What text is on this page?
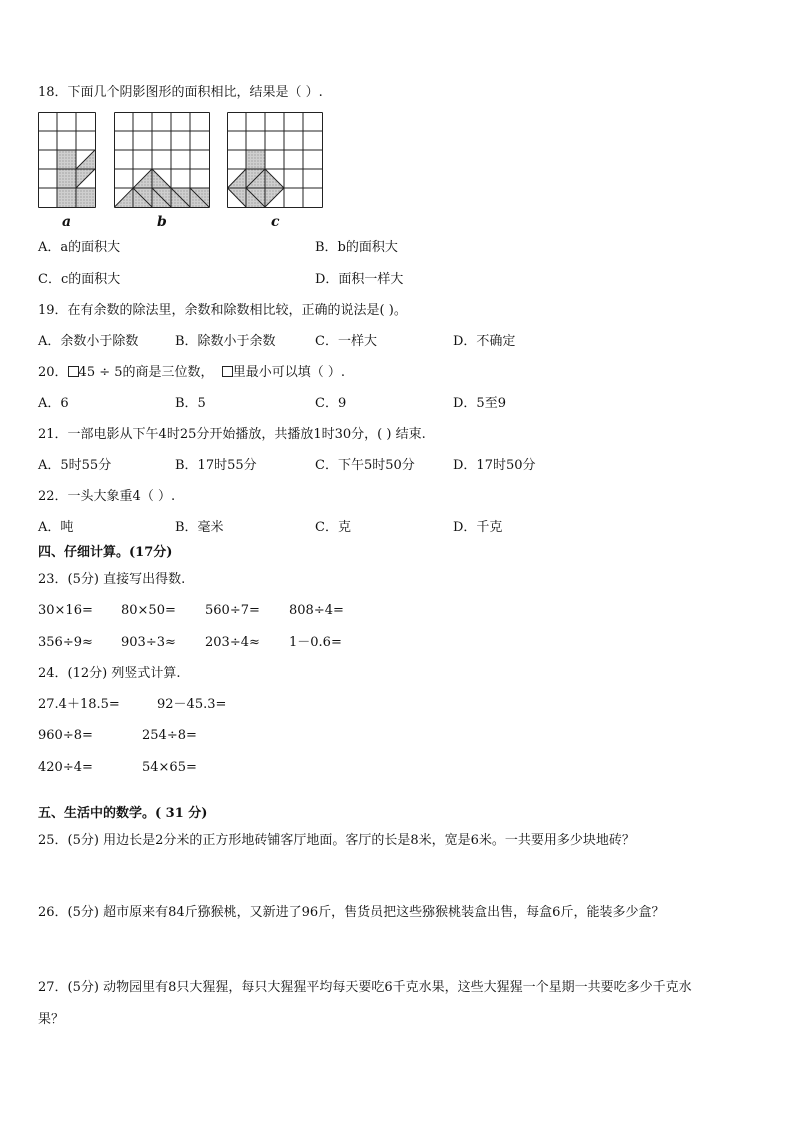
18．下面几个阴影图形的面积相比，结果是（ ）.
a	b	c
A．a的面积大	B．b的面积大
C．c的面积大	D．面积一样大
19．在有余数的除法里，余数和除数相比较，正确的说法是( )。
A．余数小于除数	B．除数小于余数	C．一样大	D．不确定
20． 45 ÷ 5的商是三位数， 里最小可以填（ ）.
A．6	B．5	C．9	D．5至9
21．一部电影从下午4时25分开始播放，共播放1时30分，( ) 结束.
A．5时55分	B．17时55分	C．下午5时50分	D．17时50分
22．一头大象重4（ ）.
A．吨	B．毫米	C．克	D．千克
四、仔细计算。(17分)
23．(5分) 直接写出得数.
30×16= 80×50= 560÷7= 808÷4=
356÷9≈ 903÷3≈ 203÷4≈ 1－0.6=
24．(12分) 列竖式计算.
27.4＋18.5=	92－45.3=
960÷8=	254÷8=
420÷4=	54×65=
五、生活中的数学。( 31 分)
25．(5分) 用边长是2分米的正方形地砖铺客厅地面。客厅的长是8米，宽是6米。一共要用多少块地砖？
26．(5分) 超市原来有84斤猕猴桃，又新进了96斤，售货员把这些猕猴桃装盒出售，每盒6斤，能装多少盒？
27．(5分) 动物园里有8只大猩猩，每只大猩猩平均每天要吃6千克水果，这些大猩猩一个星期一共要吃多少千克水
果？
